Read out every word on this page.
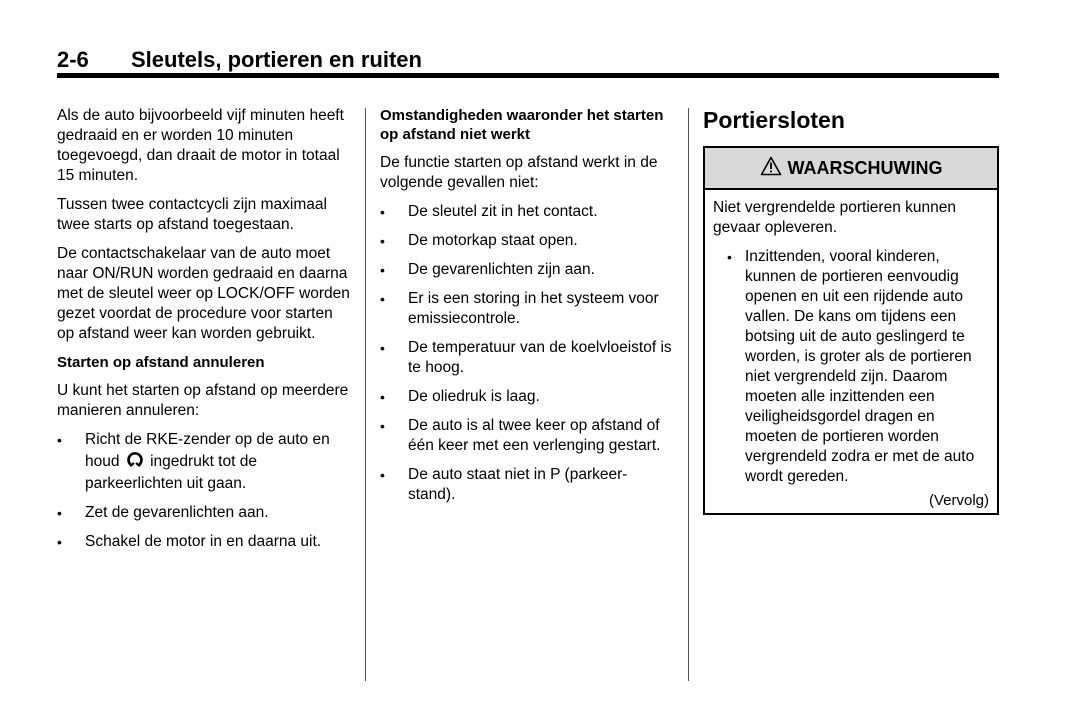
2-6 Sleutels, portieren en ruiten

Als de auto bijvoorbeeld vijf minuten heeft gedraaid en er worden 10 minuten toegevoegd, dan draait de motor in totaal 15 minuten.

Tussen twee contactcycli zijn maximaal twee starts op afstand toegestaan.

De contactschakelaar van de auto moet naar ON/RUN worden gedraaid en daarna met de sleutel weer op LOCK/OFF worden gezet voordat de procedure voor starten op afstand weer kan worden gebruikt.

Starten op afstand annuleren

U kunt het starten op afstand op meerdere manieren annuleren:

• Richt de RKE-zender op de auto en houd ingedrukt tot de parkeerlichten uit gaan.
• Zet de gevarenlichten aan.
• Schakel de motor in en daarna uit.
Omstandigheden waaronder het starten op afstand niet werkt

De functie starten op afstand werkt in de volgende gevallen niet:

• De sleutel zit in het contact.
• De motorkap staat open.
• De gevarenlichten zijn aan.
• Er is een storing in het systeem voor emissiecontrole.
• De temperatuur van de koelvloeistof is te hoog.
• De oliedruk is laag.
• De auto is al twee keer op afstand of één keer met een verlenging gestart.
• De auto staat niet in P (parkeer-stand).
Portiersloten
WAARSCHUWING

Niet vergrendelde portieren kunnen gevaar opleveren.

• Inzittenden, vooral kinderen, kunnen de portieren eenvoudig openen en uit een rijdende auto vallen. De kans om tijdens een botsing uit de auto geslingerd te worden, is groter als de portieren niet vergrendeld zijn. Daarom moeten alle inzittenden een veiligheidsgordel dragen en moeten de portieren worden vergrendeld zodra er met de auto wordt gereden.
(Vervolg)
